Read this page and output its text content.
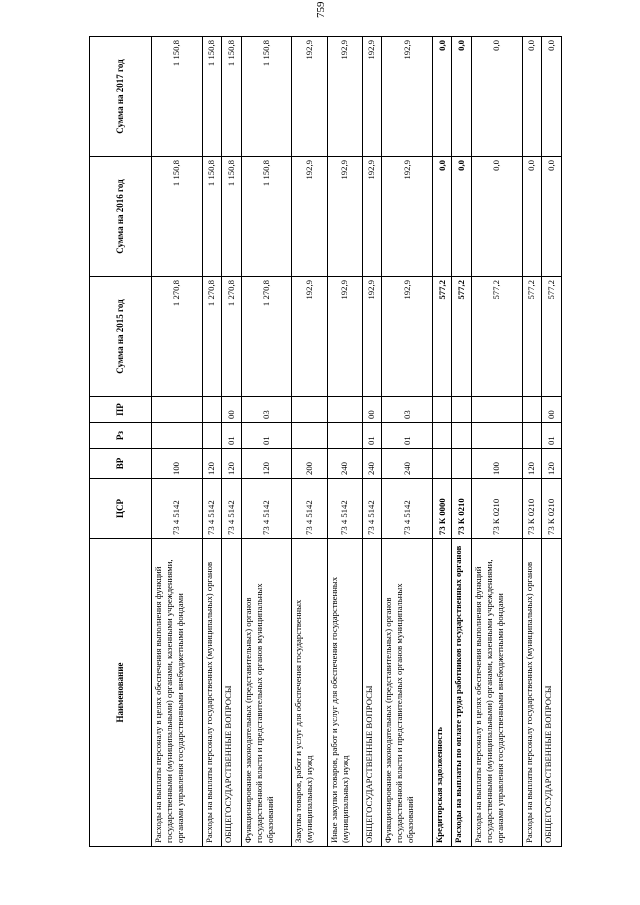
759
Наименование	ЦСР	ВР	Рз	ПР	Сумма на 2015 год	Сумма на 2016 год	Сумма на 2017 год
Расходы на выплаты персоналу в целях обеспечения выполнения функций государственными (муниципальными) органами, казенными учреждениями, органами управления государственными внебюджетными фондами	73 4 5142	100			1 270,8	1 150,8	1 150,8
Расходы на выплаты персоналу государственных (муниципальных) органов	73 4 5142	120			1 270,8	1 150,8	1 150,8
ОБЩЕГОСУДАРСТВЕННЫЕ ВОПРОСЫ	73 4 5142	120	01	00	1 270,8	1 150,8	1 150,8
Функционирование законодательных (представительных) органов государственной власти и представительных органов муниципальных образований	73 4 5142	120	01	03	1 270,8	1 150,8	1 150,8
Закупка товаров, работ и услуг для обеспечения государственных (муниципальных) нужд	73 4 5142	200			192,9	192,9	192,9
Иные закупки товаров, работ и услуг для обеспечения государственных (муниципальных) нужд	73 4 5142	240			192,9	192,9	192,9
ОБЩЕГОСУДАРСТВЕННЫЕ ВОПРОСЫ	73 4 5142	240	01	00	192,9	192,9	192,9
Функционирование законодательных (представительных) органов государственной власти и представительных органов муниципальных образований	73 4 5142	240	01	03	192,9	192,9	192,9
Кредиторская задолженность	73 К 0000				577,2	0,0	0,0
Расходы на выплаты по оплате труда работников государственных органов	73 К 0210				577,2	0,0	0,0
Расходы на выплаты персоналу в целях обеспечения выполнения функций государственными (муниципальными) органами, казенными учреждениями, органами управления государственными внебюджетными фондами	73 К 0210	100			577,2	0,0	0,0
Расходы на выплаты персоналу государственных (муниципальных) органов	73 К 0210	120			577,2	0,0	0,0
ОБЩЕГОСУДАРСТВЕННЫЕ ВОПРОСЫ	73 К 0210	120	01	00	577,2	0,0	0,0
